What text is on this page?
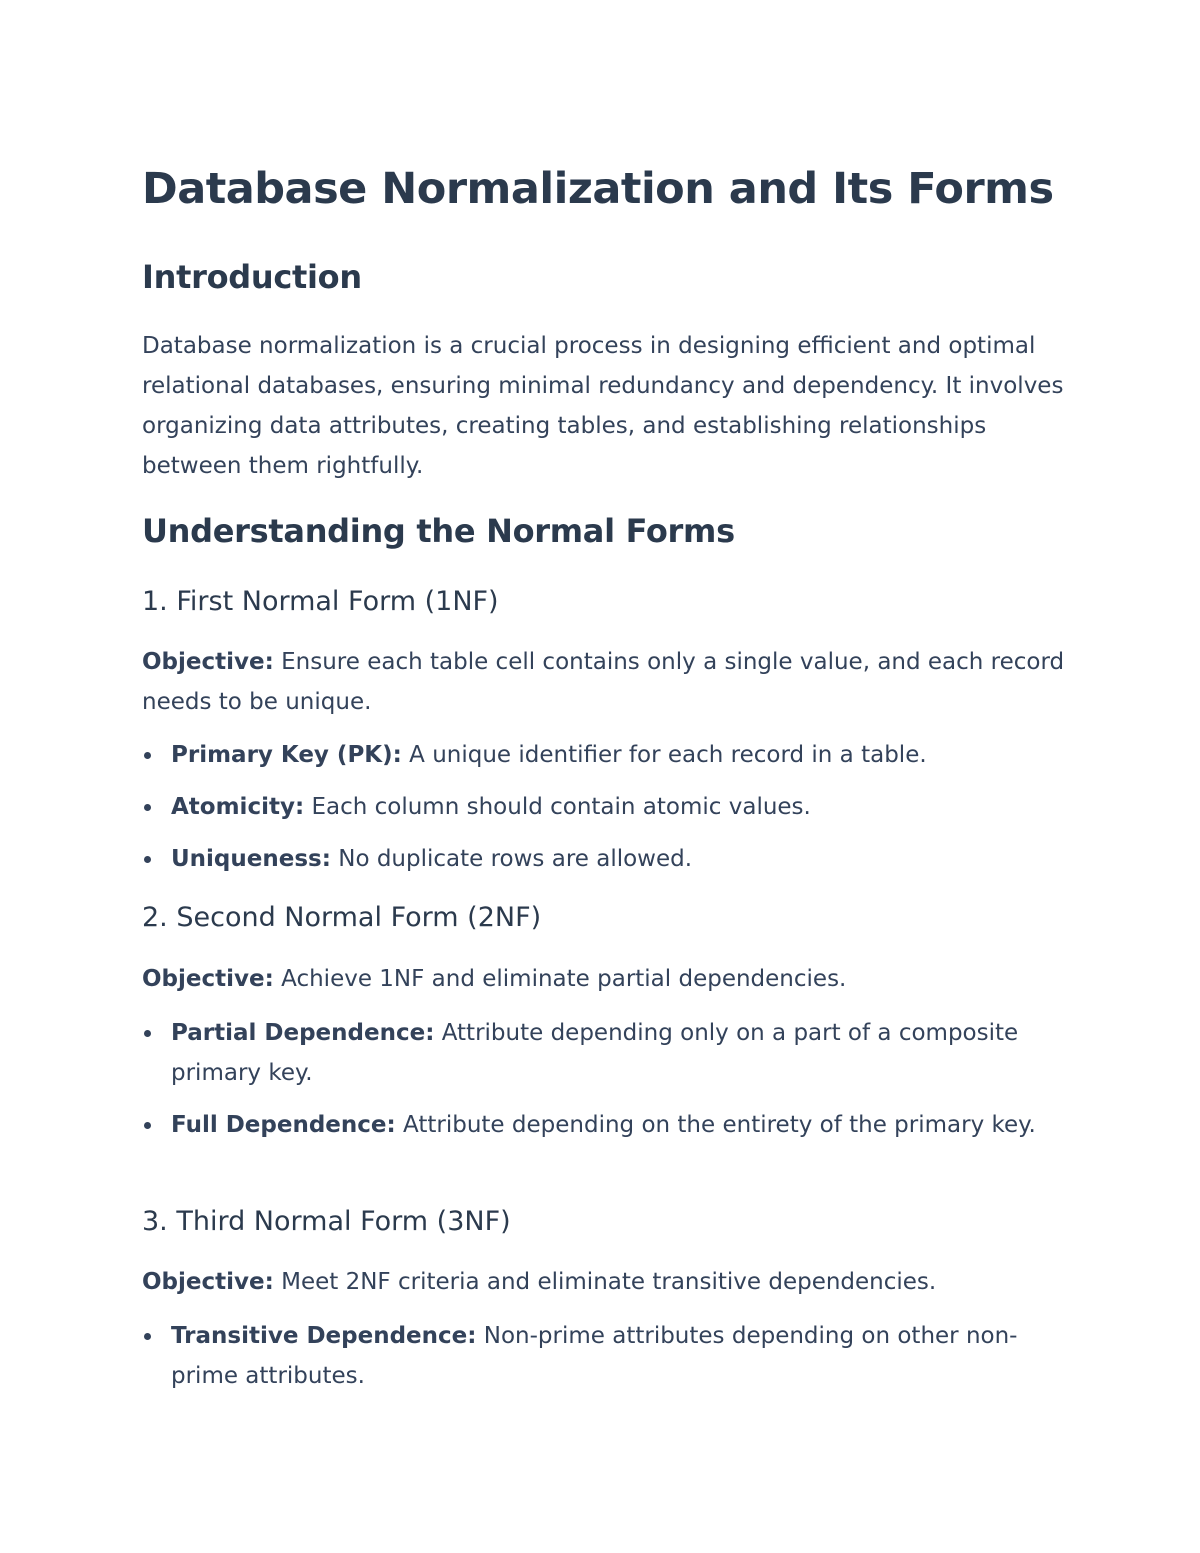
Database Normalization and Its Forms
Introduction

Database normalization is a crucial process in designing efficient and optimal relational databases, ensuring minimal redundancy and dependency. It involves organizing data attributes, creating tables, and establishing relationships between them rightfully.

Understanding the Normal Forms
1. First Normal Form (1NF)

Objective: Ensure each table cell contains only a single value, and each record needs to be unique.

Primary Key (PK): A unique identifier for each record in a table.
Atomicity: Each column should contain atomic values.
Uniqueness: No duplicate rows are allowed.
2. Second Normal Form (2NF)

Objective: Achieve 1NF and eliminate partial dependencies.

Partial Dependence: Attribute depending only on a part of a composite primary key.
Full Dependence: Attribute depending on the entirety of the primary key.
3. Third Normal Form (3NF)

Objective: Meet 2NF criteria and eliminate transitive dependencies.

Transitive Dependence: Non-prime attributes depending on other non-prime attributes.
